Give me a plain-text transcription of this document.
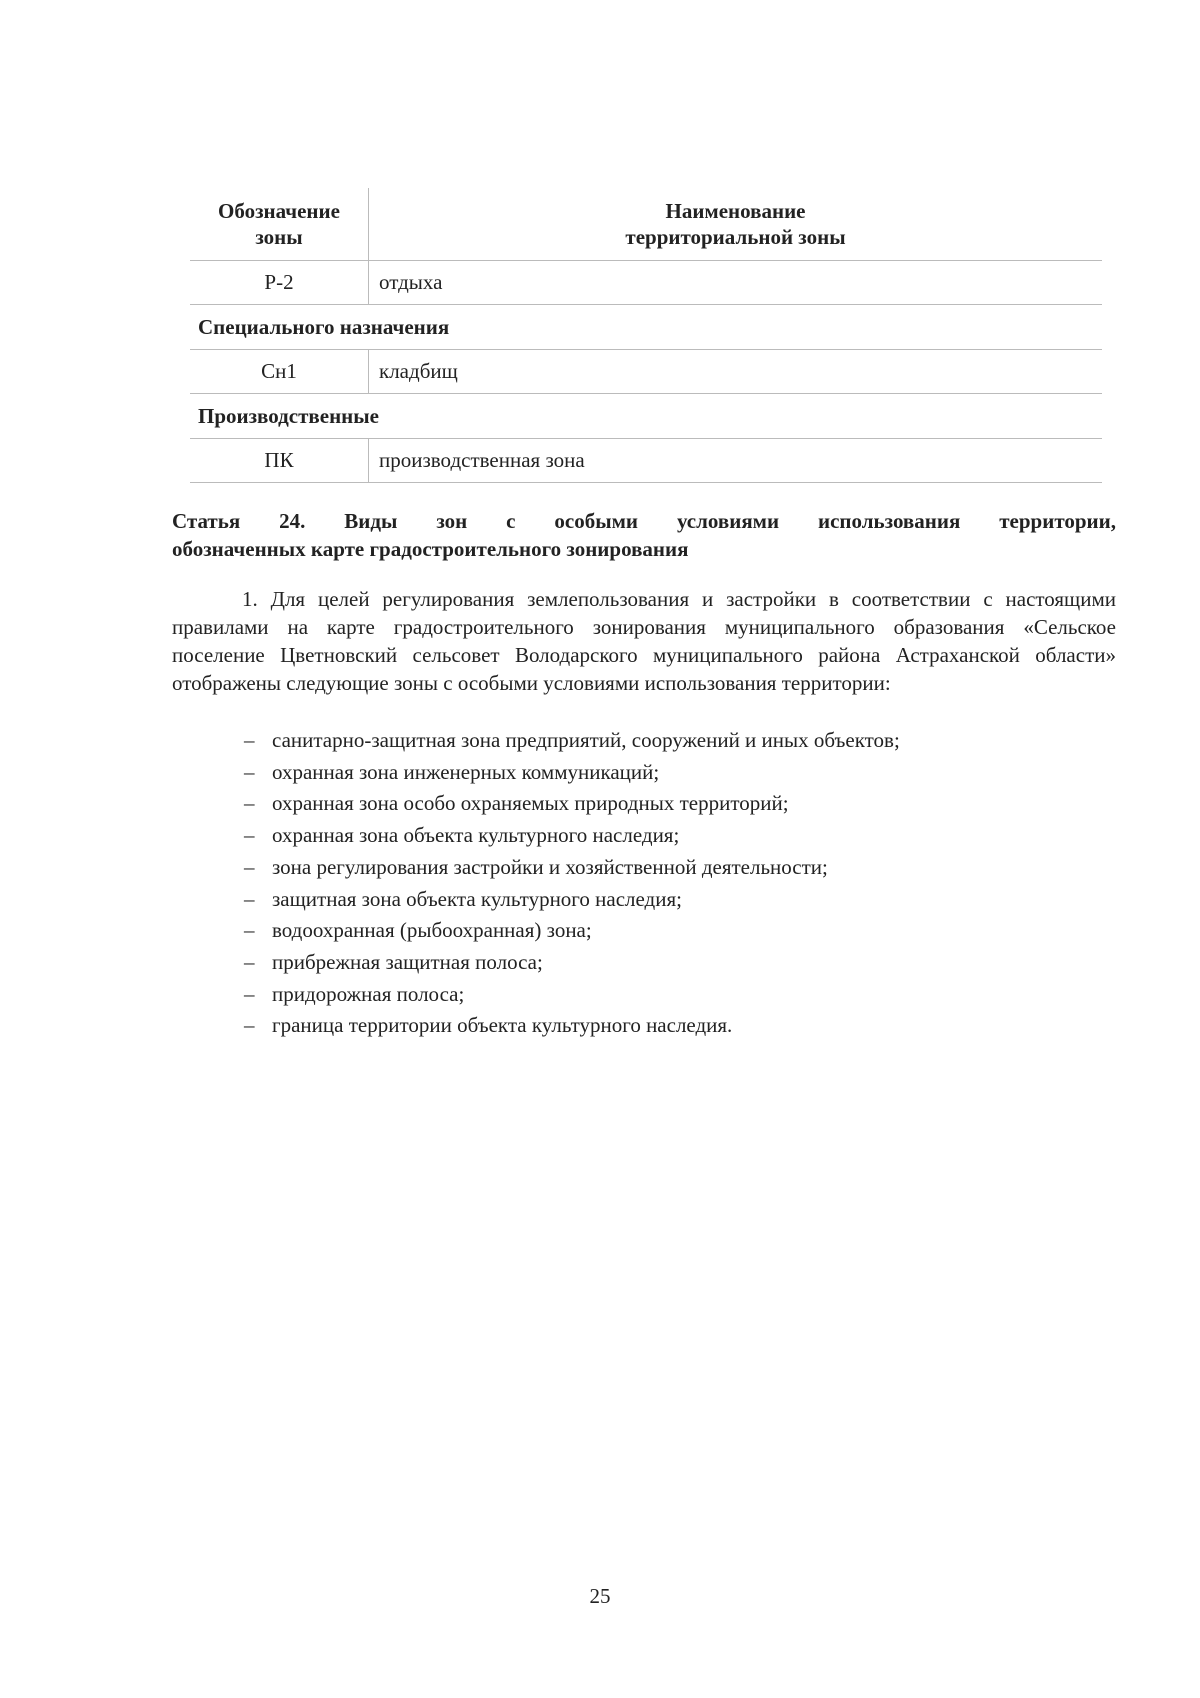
Обозначение зоны	Наименование территориальной зоны
Р-2	отдыха
Специального назначения	
Сн1	кладбищ
Производственные	
ПК	производственная зона
Статья 24. Виды зон с особыми условиями использования территории,
обозначенных карте градостроительного зонирования
1. Для целей регулирования землепользования и застройки в соответствии с настоящими правилами на карте градостроительного зонирования муниципального образования «Сельское поселение Цветновский сельсовет Володарского муниципального района Астраханской области» отображены следующие зоны с особыми условиями использования территории:
– санитарно-защитная зона предприятий, сооружений и иных объектов;
– охранная зона инженерных коммуникаций;
– охранная зона особо охраняемых природных территорий;
– охранная зона объекта культурного наследия;
– зона регулирования застройки и хозяйственной деятельности;
– защитная зона объекта культурного наследия;
– водоохранная (рыбоохранная) зона;
– прибрежная защитная полоса;
– придорожная полоса;
– граница территории объекта культурного наследия.
25
